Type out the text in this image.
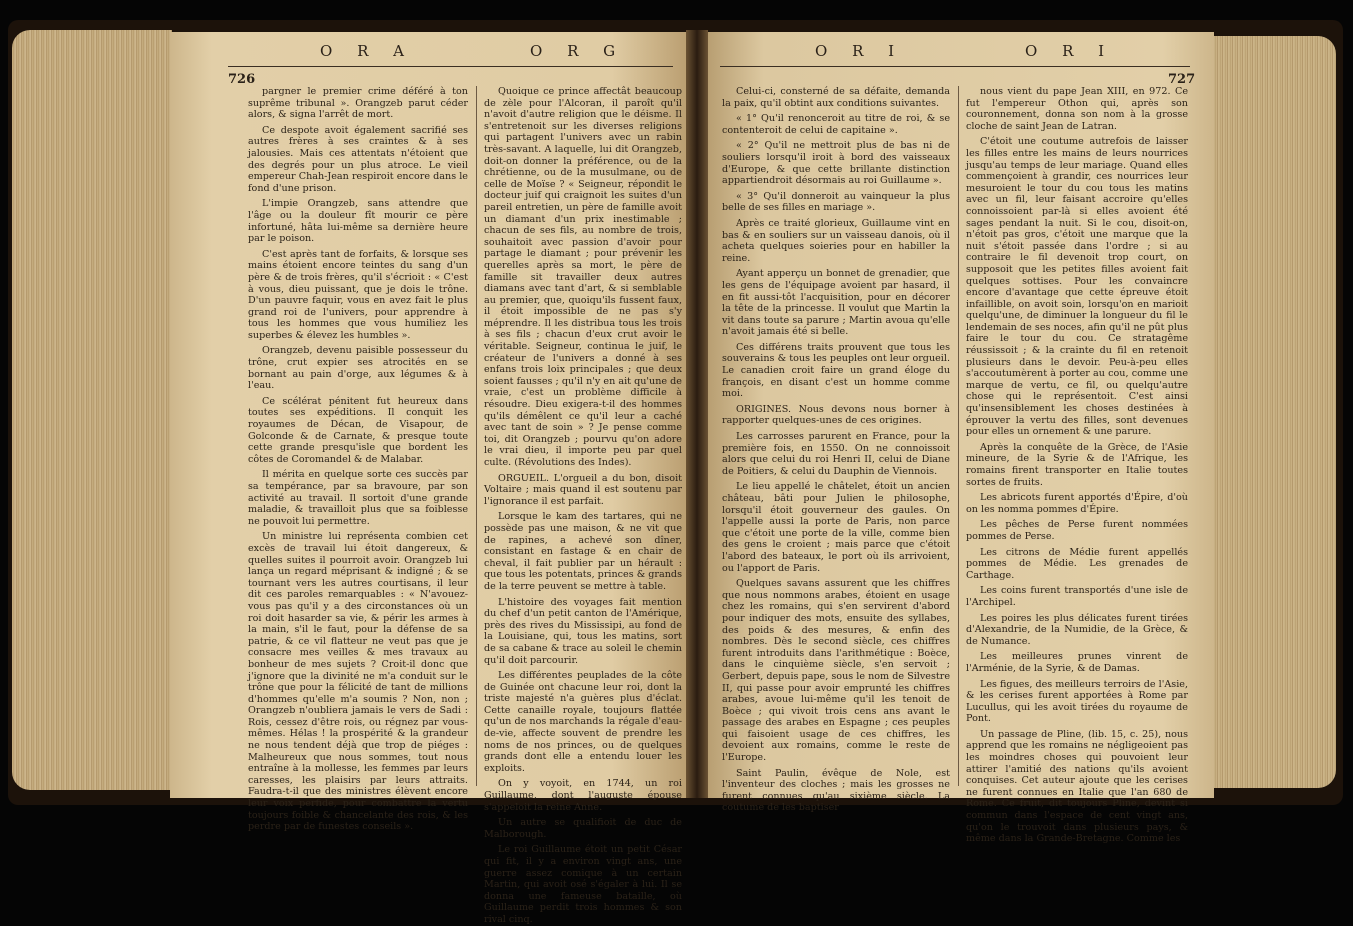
726
O R A	O R G	O R I	O R I
727

pargner le premier crime déféré à ton suprême tribunal ». Orangzeb parut céder alors, & signa l'arrêt de mort.

Ce despote avoit également sacrifié ses autres frères à ses craintes & à ses jalousies. Mais ces attentats n'étoient que des degrés pour un plus atroce. Le vieil empereur Chah-Jean respiroit encore dans le fond d'une prison.

L'impie Orangzeb, sans attendre que l'âge ou la douleur fît mourir ce père infortuné, hâta lui-même sa dernière heure par le poison.

C'est après tant de forfaits, & lorsque ses mains étoient encore teintes du sang d'un père & de trois frères, qu'il s'écrioit : « C'est à vous, dieu puissant, que je dois le trône. D'un pauvre faquir, vous en avez fait le plus grand roi de l'univers, pour apprendre à tous les hommes que vous humiliez les superbes & élevez les humbles ».

Orangzeb, devenu paisible possesseur du trône, crut expier ses atrocités en se bornant au pain d'orge, aux légumes & à l'eau.

Ce scélérat pénitent fut heureux dans toutes ses expéditions. Il conquit les royaumes de Décan, de Visapour, de Golconde & de Carnate, & presque toute cette grande presqu'isle que bordent les côtes de Coromandel & de Malabar.

Il mérita en quelque sorte ces succès par sa tempérance, par sa bravoure, par son activité au travail. Il sortoit d'une grande maladie, & travailloit plus que sa foiblesse ne pouvoit lui permettre.

Un ministre lui représenta combien cet excès de travail lui étoit dangereux, & quelles suites il pourroit avoir. Orangzeb lui lança un regard méprisant & indigné ; & se tournant vers les autres courtisans, il leur dit ces paroles remarquables : « N'avouez-vous pas qu'il y a des circonstances où un roi doit hasarder sa vie, & périr les armes à la main, s'il le faut, pour la défense de sa patrie, & ce vil flatteur ne veut pas que je consacre mes veilles & mes travaux au bonheur de mes sujets ? Croit-il donc que j'ignore que la divinité ne m'a conduit sur le trône que pour la félicité de tant de millions d'hommes qu'elle m'a soumis ? Non, non ; Orangzeb n'oubliera jamais le vers de Sadi : Rois, cessez d'être rois, ou régnez par vous-mêmes. Hélas ! la prospérité & la grandeur ne nous tendent déjà que trop de piéges : Malheureux que nous sommes, tout nous entraîne à la mollesse, les femmes par leurs caresses, les plaisirs par leurs attraits. Faudra-t-il que des ministres élèvent encore leur voix perfide, pour combattre la vertu toujours foible & chancelante des rois, & les perdre par de funestes conseils ».

Quoique ce prince affectât beaucoup de zèle pour l'Alcoran, il paroît qu'il n'avoit d'autre religion que le déisme. Il s'entretenoit sur les diverses religions qui partagent l'univers avec un rabin très-savant. A laquelle, lui dit Orangzeb, doit-on donner la préférence, ou de la chrétienne, ou de la musulmane, ou de celle de Moïse ? « Seigneur, répondit le docteur juif qui craignoit les suites d'un pareil entretien, un père de famille avoit un diamant d'un prix inestimable ; chacun de ses fils, au nombre de trois, souhaitoit avec passion d'avoir pour partage le diamant ; pour prévenir les querelles après sa mort, le père de famille sit travailler deux autres diamans avec tant d'art, & si semblable au premier, que, quoiqu'ils fussent faux, il étoit impossible de ne pas s'y méprendre. Il les distribua tous les trois à ses fils ; chacun d'eux crut avoir le véritable. Seigneur, continua le juif, le créateur de l'univers a donné à ses enfans trois loix principales ; que deux soient fausses ; qu'il n'y en ait qu'une de vraie, c'est un problème difficile à résoudre. Dieu exigera-t-il des hommes qu'ils démêlent ce qu'il leur a caché avec tant de soin » ? Je pense comme toi, dit Orangzeb ; pourvu qu'on adore le vrai dieu, il importe peu par quel culte. (Révolutions des Indes).

ORGUEIL. L'orgueil a du bon, disoit Voltaire ; mais quand il est soutenu par l'ignorance il est parfait.

Lorsque le kam des tartares, qui ne possède pas une maison, & ne vit que de rapines, a achevé son dîner, consistant en fastage & en chair de cheval, il fait publier par un hérault : que tous les potentats, princes & grands de la terre peuvent se mettre à table.

L'histoire des voyages fait mention du chef d'un petit canton de l'Amérique, près des rives du Mississipi, au fond de la Louisiane, qui, tous les matins, sort de sa cabane & trace au soleil le chemin qu'il doit parcourir.

Les différentes peuplades de la côte de Guinée ont chacune leur roi, dont la triste majesté n'a guères plus d'éclat. Cette canaille royale, toujours flattée qu'un de nos marchands la régale d'eau-de-vie, affecte souvent de prendre les noms de nos princes, ou de quelques grands dont elle a entendu louer les exploits.

On y voyoit, en 1744, un roi Guillaume, dont l'auguste épouse s'appeloit la reine Anne.

Un autre se qualifioit de duc de Malborough.

Le roi Guillaume étoit un petit César qui fit, il y a environ vingt ans, une guerre assez comique à un certain Martin, qui avoit osé s'égaler à lui. Il se donna une fameuse bataille, où Guillaume perdit trois hommes & son rival cinq.

Celui-ci, consterné de sa défaite, demanda la paix, qu'il obtint aux conditions suivantes.

« 1° Qu'il renonceroit au titre de roi, & se contenteroit de celui de capitaine ».

« 2° Qu'il ne mettroit plus de bas ni de souliers lorsqu'il iroit à bord des vaisseaux d'Europe, & que cette brillante distinction appartiendroit désormais au roi Guillaume ».

« 3° Qu'il donneroit au vainqueur la plus belle de ses filles en mariage ».

Après ce traité glorieux, Guillaume vint en bas & en souliers sur un vaisseau danois, où il acheta quelques soieries pour en habiller la reine.

Ayant apperçu un bonnet de grenadier, que les gens de l'équipage avoient par hasard, il en fit aussi-tôt l'acquisition, pour en décorer la tête de la princesse. Il voulut que Martin la vit dans toute sa parure ; Martin avoua qu'elle n'avoit jamais été si belle.

Ces différens traits prouvent que tous les souverains & tous les peuples ont leur orgueil. Le canadien croit faire un grand éloge du françois, en disant c'est un homme comme moi.

ORIGINES. Nous devons nous borner à rapporter quelques-unes de ces origines.

Les carrosses parurent en France, pour la première fois, en 1550. On ne connoissoit alors que celui du roi Henri II, celui de Diane de Poitiers, & celui du Dauphin de Viennois.

Le lieu appellé le châtelet, étoit un ancien château, bâti pour Julien le philosophe, lorsqu'il étoit gouverneur des gaules. On l'appelle aussi la porte de Paris, non parce que c'étoit une porte de la ville, comme bien des gens le croient ; mais parce que c'étoit l'abord des bateaux, le port où ils arrivoient, ou l'apport de Paris.

Quelques savans assurent que les chiffres que nous nommons arabes, étoient en usage chez les romains, qui s'en servirent d'abord pour indiquer des mots, ensuite des syllabes, des poids & des mesures, & enfin des nombres. Dès le second siècle, ces chiffres furent introduits dans l'arithmétique : Boèce, dans le cinquième siècle, s'en servoit ; Gerbert, depuis pape, sous le nom de Silvestre II, qui passe pour avoir emprunté les chiffres arabes, avoue lui-même qu'il les tenoit de Boèce ; qui vivoit trois cens ans avant le passage des arabes en Espagne ; ces peuples qui faisoient usage de ces chiffres, les devoient aux romains, comme le reste de l'Europe.

Saint Paulin, évêque de Nole, est l'inventeur des cloches ; mais les grosses ne furent connues qu'au sixième siècle. La coutume de les baptiser

nous vient du pape Jean XIII, en 972. Ce fut l'empereur Othon qui, après son couronnement, donna son nom à la grosse cloche de saint Jean de Latran.

C'étoit une coutume autrefois de laisser les filles entre les mains de leurs nourrices jusqu'au temps de leur mariage. Quand elles commençoient à grandir, ces nourrices leur mesuroient le tour du cou tous les matins avec un fil, leur faisant accroire qu'elles connoissoient par-là si elles avoient été sages pendant la nuit. Si le cou, disoit-on, n'étoit pas gros, c'étoit une marque que la nuit s'étoit passée dans l'ordre ; si au contraire le fil devenoit trop court, on supposoit que les petites filles avoient fait quelques sottises. Pour les convaincre encore d'avantage que cette épreuve étoit infaillible, on avoit soin, lorsqu'on en marioit quelqu'une, de diminuer la longueur du fil le lendemain de ses noces, afin qu'il ne pût plus faire le tour du cou. Ce stratagême réussissoit ; & la crainte du fil en retenoit plusieurs dans le devoir. Peu-à-peu elles s'accoutumèrent à porter au cou, comme une marque de vertu, ce fil, ou quelqu'autre chose qui le représentoit. C'est ainsi qu'insensiblement les choses destinées à éprouver la vertu des filles, sont devenues pour elles un ornement & une parure.

Après la conquête de la Grèce, de l'Asie mineure, de la Syrie & de l'Afrique, les romains firent transporter en Italie toutes sortes de fruits.

Les abricots furent apportés d'Épire, d'où on les nomma pommes d'Épire.

Les pêches de Perse furent nommées pommes de Perse.

Les citrons de Médie furent appellés pommes de Médie. Les grenades de Carthage.

Les coins furent transportés d'une isle de l'Archipel.

Les poires les plus délicates furent tirées d'Alexandrie, de la Numidie, de la Grèce, & de Numance.

Les meilleures prunes vinrent de l'Arménie, de la Syrie, & de Damas.

Les figues, des meilleurs terroirs de l'Asie, & les cerises furent apportées à Rome par Lucullus, qui les avoit tirées du royaume de Pont.

Un passage de Pline, (lib. 15, c. 25), nous apprend que les romains ne négligeoient pas les moindres choses qui pouvoient leur attirer l'amitié des nations qu'ils avoient conquises. Cet auteur ajoute que les cerises ne furent connues en Italie que l'an 680 de Rome. Ce fruit, dit toujours Pline, devint si commun dans l'espace de cent vingt ans, qu'on le trouvoit dans plusieurs pays, & même dans la Grande-Bretagne. Comme les
